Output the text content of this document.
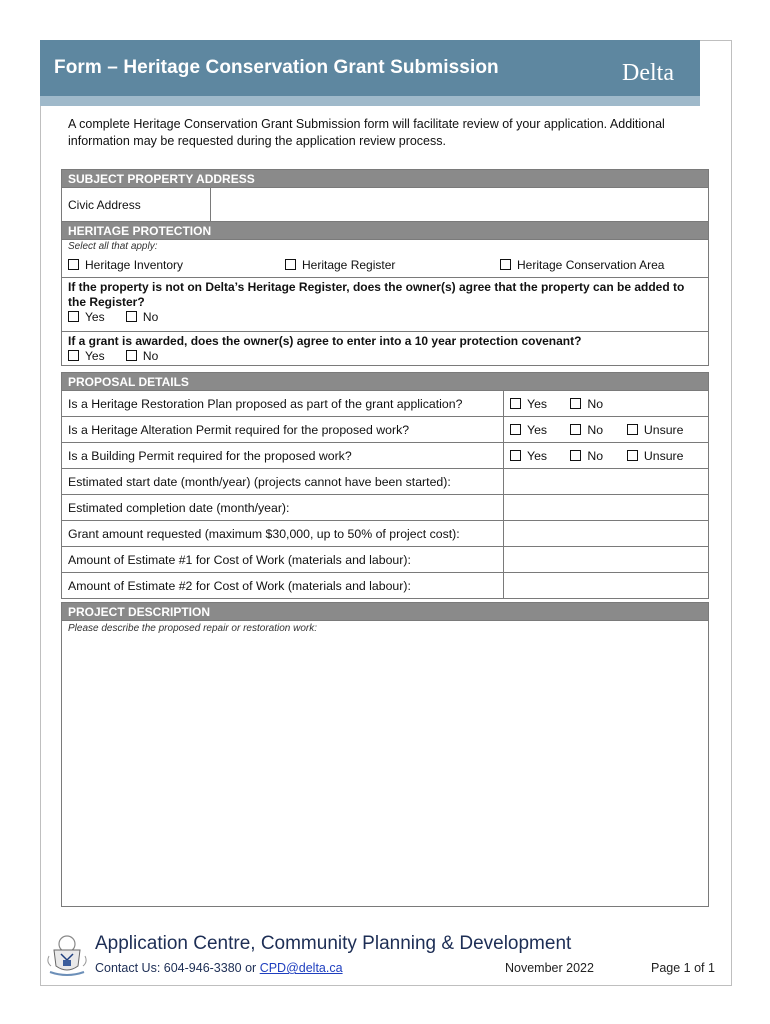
Form – Heritage Conservation Grant Submission	Delta
A complete Heritage Conservation Grant Submission form will facilitate review of your application. Additional information may be requested during the application review process.
SUBJECT PROPERTY ADDRESS
Civic Address	
HERITAGE PROTECTION

Select all that apply:
Heritage Inventory	Heritage Register	Heritage Conservation Area

If the property is not on Delta’s Heritage Register, does the owner(s) agree that the property can be added to the Register?
Yes	No

If a grant is awarded, does the owner(s) agree to enter into a 10 year protection covenant?
Yes	No
PROPOSAL DETAILS	
Is a Heritage Restoration Plan proposed as part of the grant application?	Yes No
Is a Heritage Alteration Permit required for the proposed work?	Yes No Unsure
Is a Building Permit required for the proposed work?	Yes No Unsure
Estimated start date (month/year) (projects cannot have been started):	
Estimated completion date (month/year):	
Grant amount requested (maximum $30,000, up to 50% of project cost):	
Amount of Estimate #1 for Cost of Work (materials and labour):	
Amount of Estimate #2 for Cost of Work (materials and labour):	
PROJECT DESCRIPTION

Please describe the proposed repair or restoration work:
Application Centre, Community Planning & Development
Contact Us: 604-946-3380 or CPD@delta.ca	November 2022	Page 1 of 1
